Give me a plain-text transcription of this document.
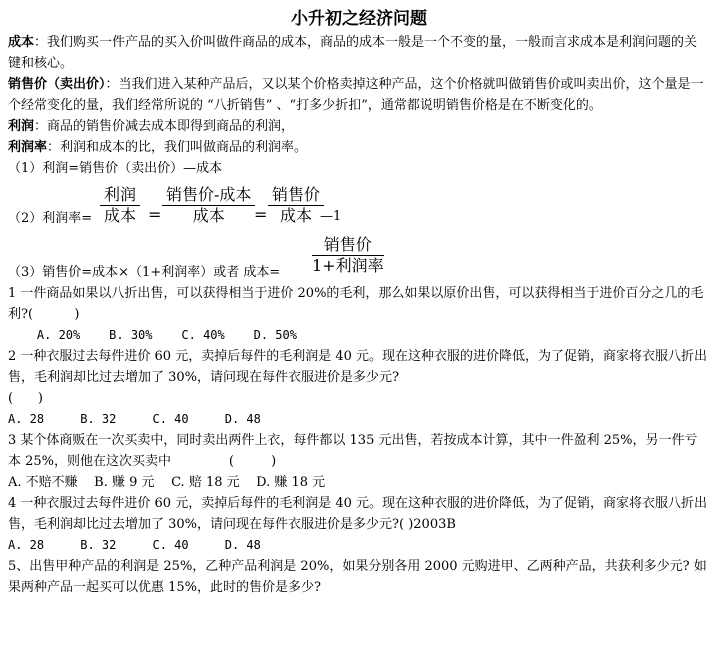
小升初之经济问题

成本：我们购买一件产品的买入价叫做件商品的成本，商品的成本一般是一个不变的量，一般而言求成本是利润问题的关键和核心。

销售价（卖出价）：当我们进入某种产品后，又以某个价格卖掉这种产品，这个价格就叫做销售价或叫卖出价，这个量是一个经常变化的量，我们经常所说的 “八折销售” 、“打多少折扣”，通常都说明销售价格是在不断变化的。

利润：商品的销售价减去成本即得到商品的利润，

利润率：利润和成本的比，我们叫做商品的利润率。

（1）利润=销售价（卖出价）—成本

（2）利润率=
利润
成本 =
销售价-成本
成本	=
销售价
成本 —1
（3）销售价=成本×（1+利润率）或者 成本=
销售价
1+利润率

1 一件商品如果以八折出售，可以获得相当于进价 20%的毛利，那么如果以原价出售，可以获得相当于进价百分之几的毛利?(          )

A. 20%    B. 30%    C. 40%    D. 50%

2 一种衣服过去每件进价 60 元，卖掉后每件的毛利润是 40 元。现在这种衣服的进价降低，为了促销，商家将衣服八折出售，毛利润却比过去增加了 30%，请问现在每件衣服进价是多少元?

(      )

A. 28     B. 32     C. 40     D. 48

3 某个体商贩在一次买卖中，同时卖出两件上衣，每件都以 135 元出售，若按成本计算，其中一件盈利 25%，另一件亏本 25%，则他在这次买卖中              (         )

A. 不赔不赚    B. 赚 9 元    C. 赔 18 元    D. 赚 18 元

4 一种衣服过去每件进价 60 元，卖掉后每件的毛利润是 40 元。现在这种衣服的进价降低，为了促销，商家将衣服八折出售，毛利润却比过去增加了 30%，请问现在每件衣服进价是多少元?( )2003B

A. 28     B. 32     C. 40     D. 48

5、出售甲种产品的利润是 25%，乙种产品利润是 20%，如果分别各用 2000 元购进甲、乙两种产品，共获利多少元? 如果两种产品一起买可以优惠 15%，此时的售价是多少?
